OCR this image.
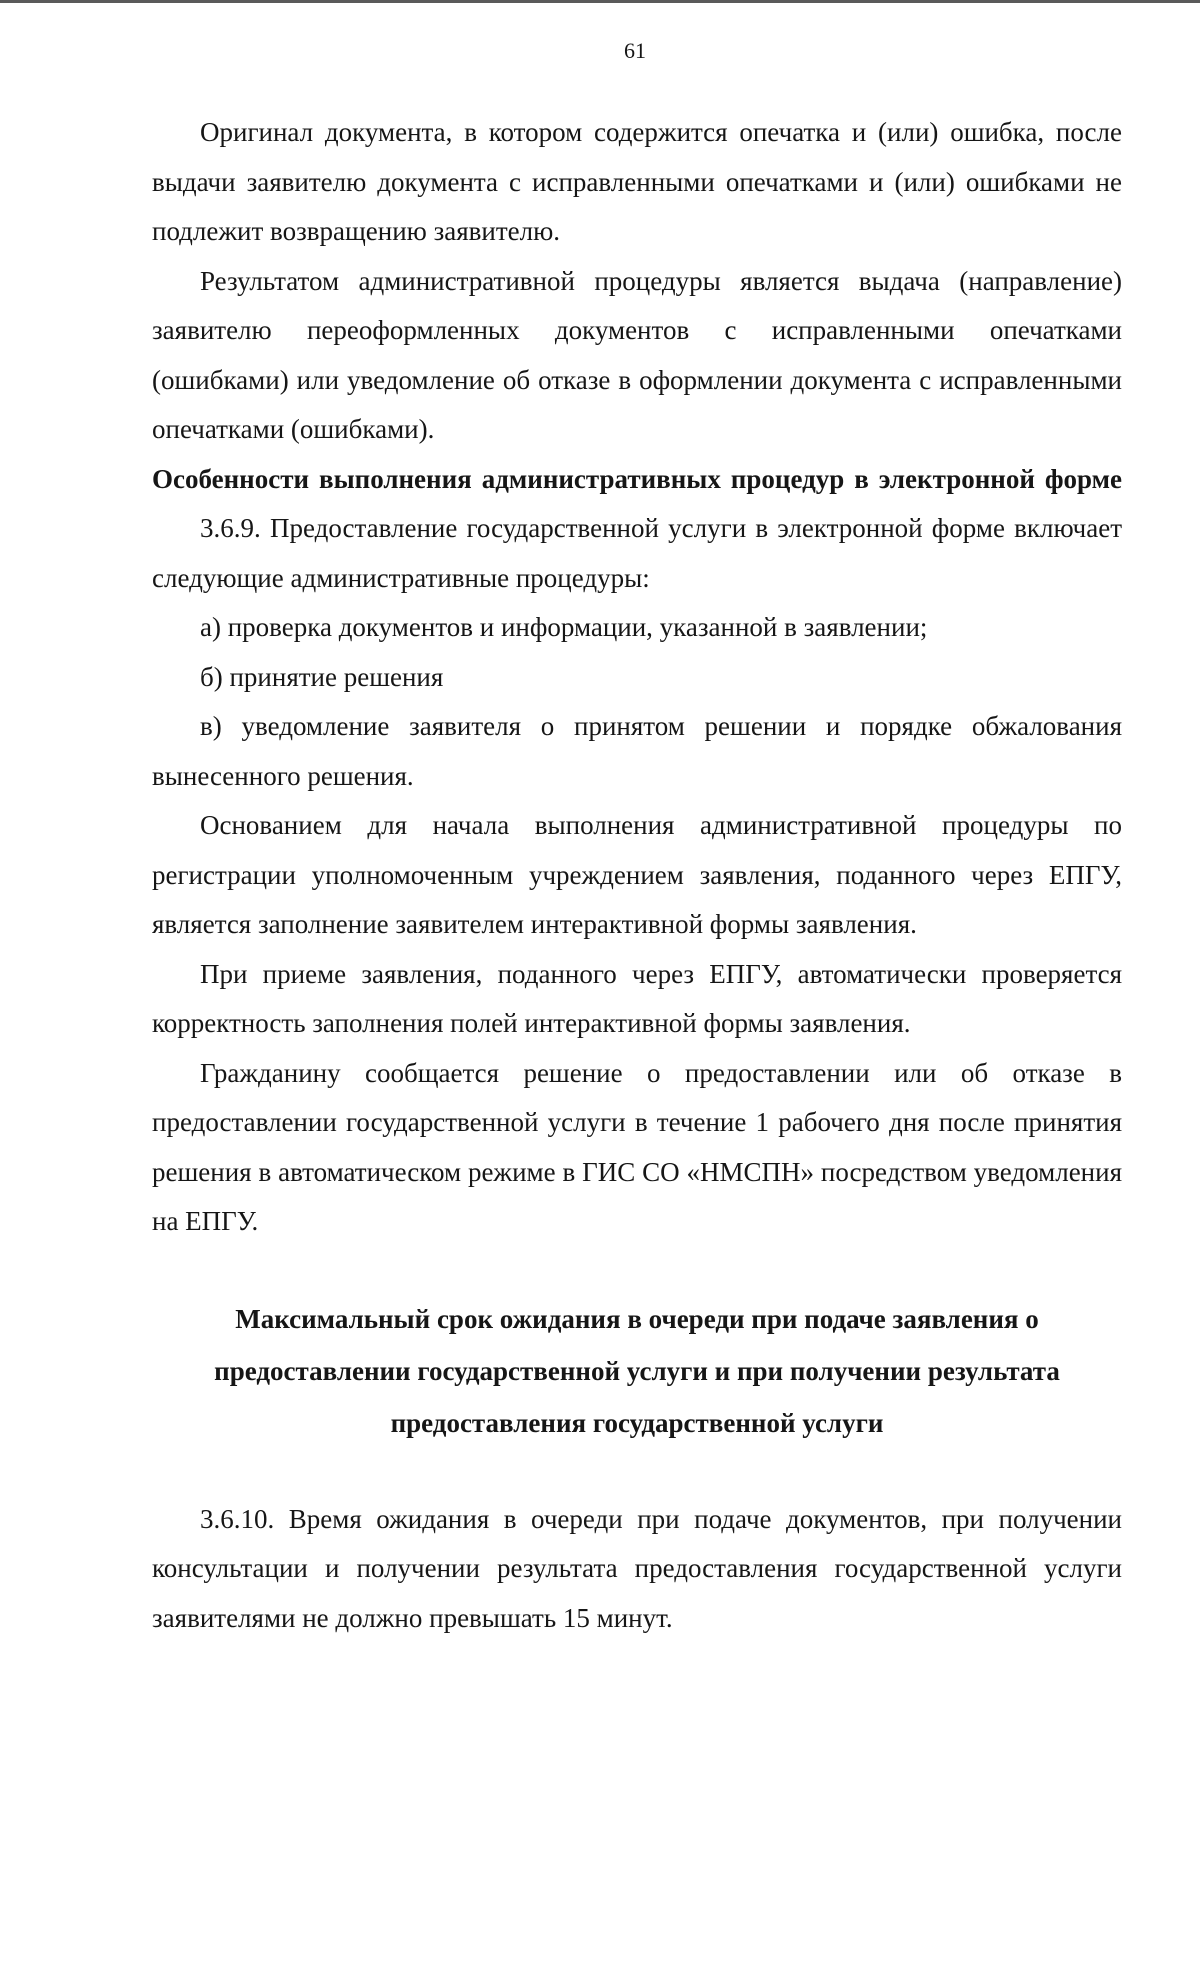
61

Оригинал документа, в котором содержится опечатка и (или) ошибка, после выдачи заявителю документа с исправленными опечатками и (или) ошибками не подлежит возвращению заявителю.

Результатом административной процедуры является выдача (направление) заявителю переоформленных документов с исправленными опечатками (ошибками) или уведомление об отказе в оформлении документа с исправленными опечатками (ошибками).

Особенности выполнения административных процедур в электронной форме

3.6.9. Предоставление государственной услуги в электронной форме включает следующие административные процедуры:

а) проверка документов и информации, указанной в заявлении;

б) принятие решения

в) уведомление заявителя о принятом решении и порядке обжалования вынесенного решения.

Основанием для начала выполнения административной процедуры по регистрации уполномоченным учреждением заявления, поданного через ЕПГУ, является заполнение заявителем интерактивной формы заявления.

При приеме заявления, поданного через ЕПГУ, автоматически проверяется корректность заполнения полей интерактивной формы заявления.

Гражданину сообщается решение о предоставлении или об отказе в предоставлении государственной услуги в течение 1 рабочего дня после принятия решения в автоматическом режиме в ГИС СО «НМСПН» посредством уведомления на ЕПГУ.

Максимальный срок ожидания в очереди при подаче заявления о
предоставлении государственной услуги и при получении результата
предоставления государственной услуги

3.6.10. Время ожидания в очереди при подаче документов, при получении консультации и получении результата предоставления государственной услуги заявителями не должно превышать 15 минут.
